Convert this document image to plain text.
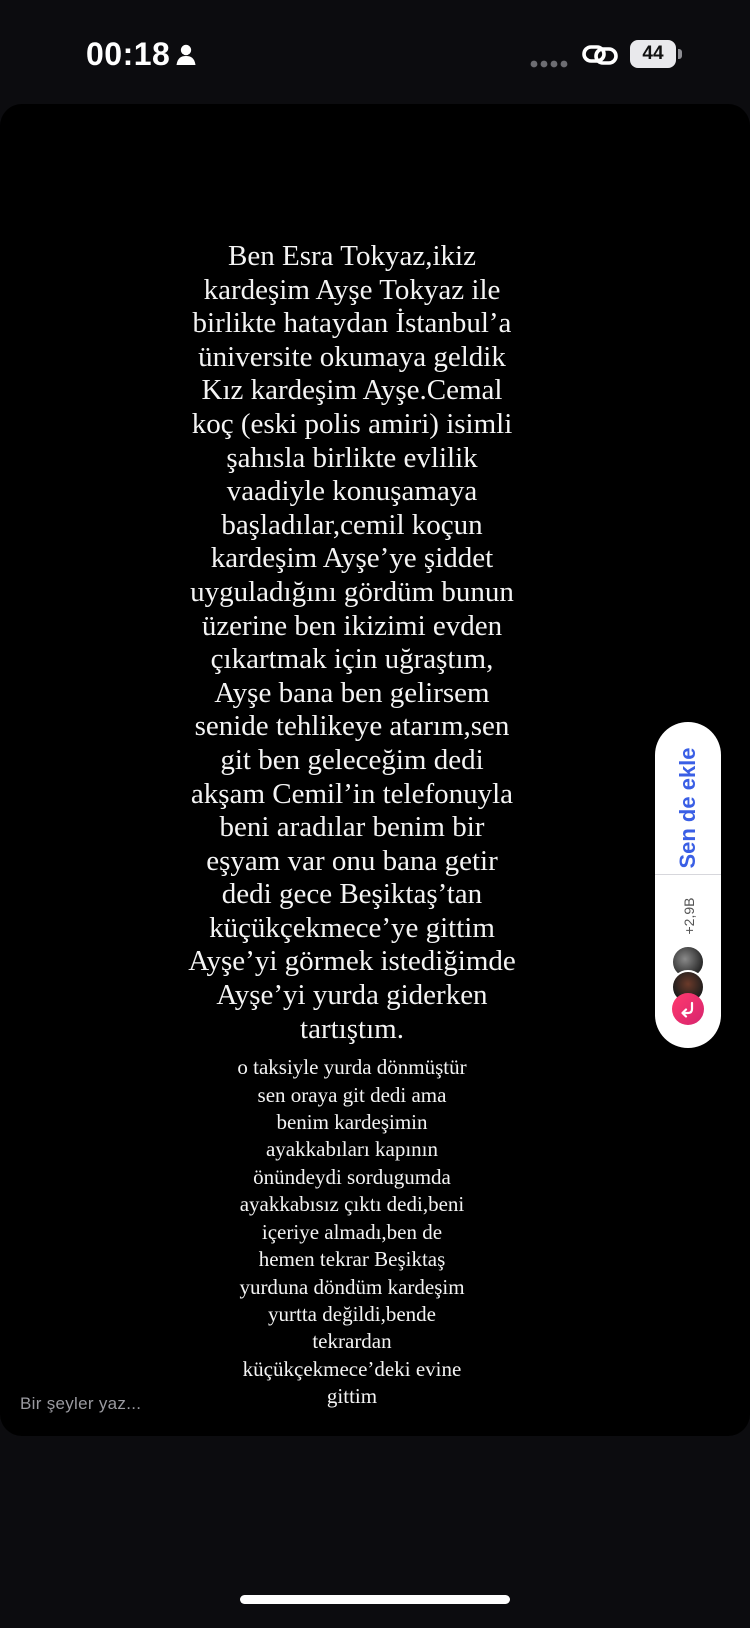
00:18	44
Ben Esra Tokyaz,ikiz
kardeşim Ayşe Tokyaz ile
birlikte hataydan İstanbul’a
üniversite okumaya geldik
Kız kardeşim Ayşe.Cemal
koç (eski polis amiri) isimli
şahısla birlikte evlilik
vaadiyle konuşamaya
başladılar,cemil koçun
kardeşim Ayşe’ye şiddet
uyguladığını gördüm bunun
üzerine ben ikizimi evden
çıkartmak için uğraştım,
Ayşe bana ben gelirsem
senide tehlikeye atarım,sen
git ben geleceğim dedi
akşam Cemil’in telefonuyla
beni aradılar benim bir
eşyam var onu bana getir
dedi gece Beşiktaş’tan
küçükçekmece’ye gittim
Ayşe’yi görmek istediğimde
Ayşe’yi yurda giderken
tartıştım.
o taksiyle yurda dönmüştür
sen oraya git dedi ama
benim kardeşimin
ayakkabıları kapının
önündeydi sordugumda
ayakkabısız çıktı dedi,beni
içeriye almadı,ben de
hemen tekrar Beşiktaş
yurduna döndüm kardeşim
yurtta değildi,bende
tekrardan
küçükçekmece’deki evine
gittim
Bir şeyler yaz...
Sen de ekle
+2,9B
